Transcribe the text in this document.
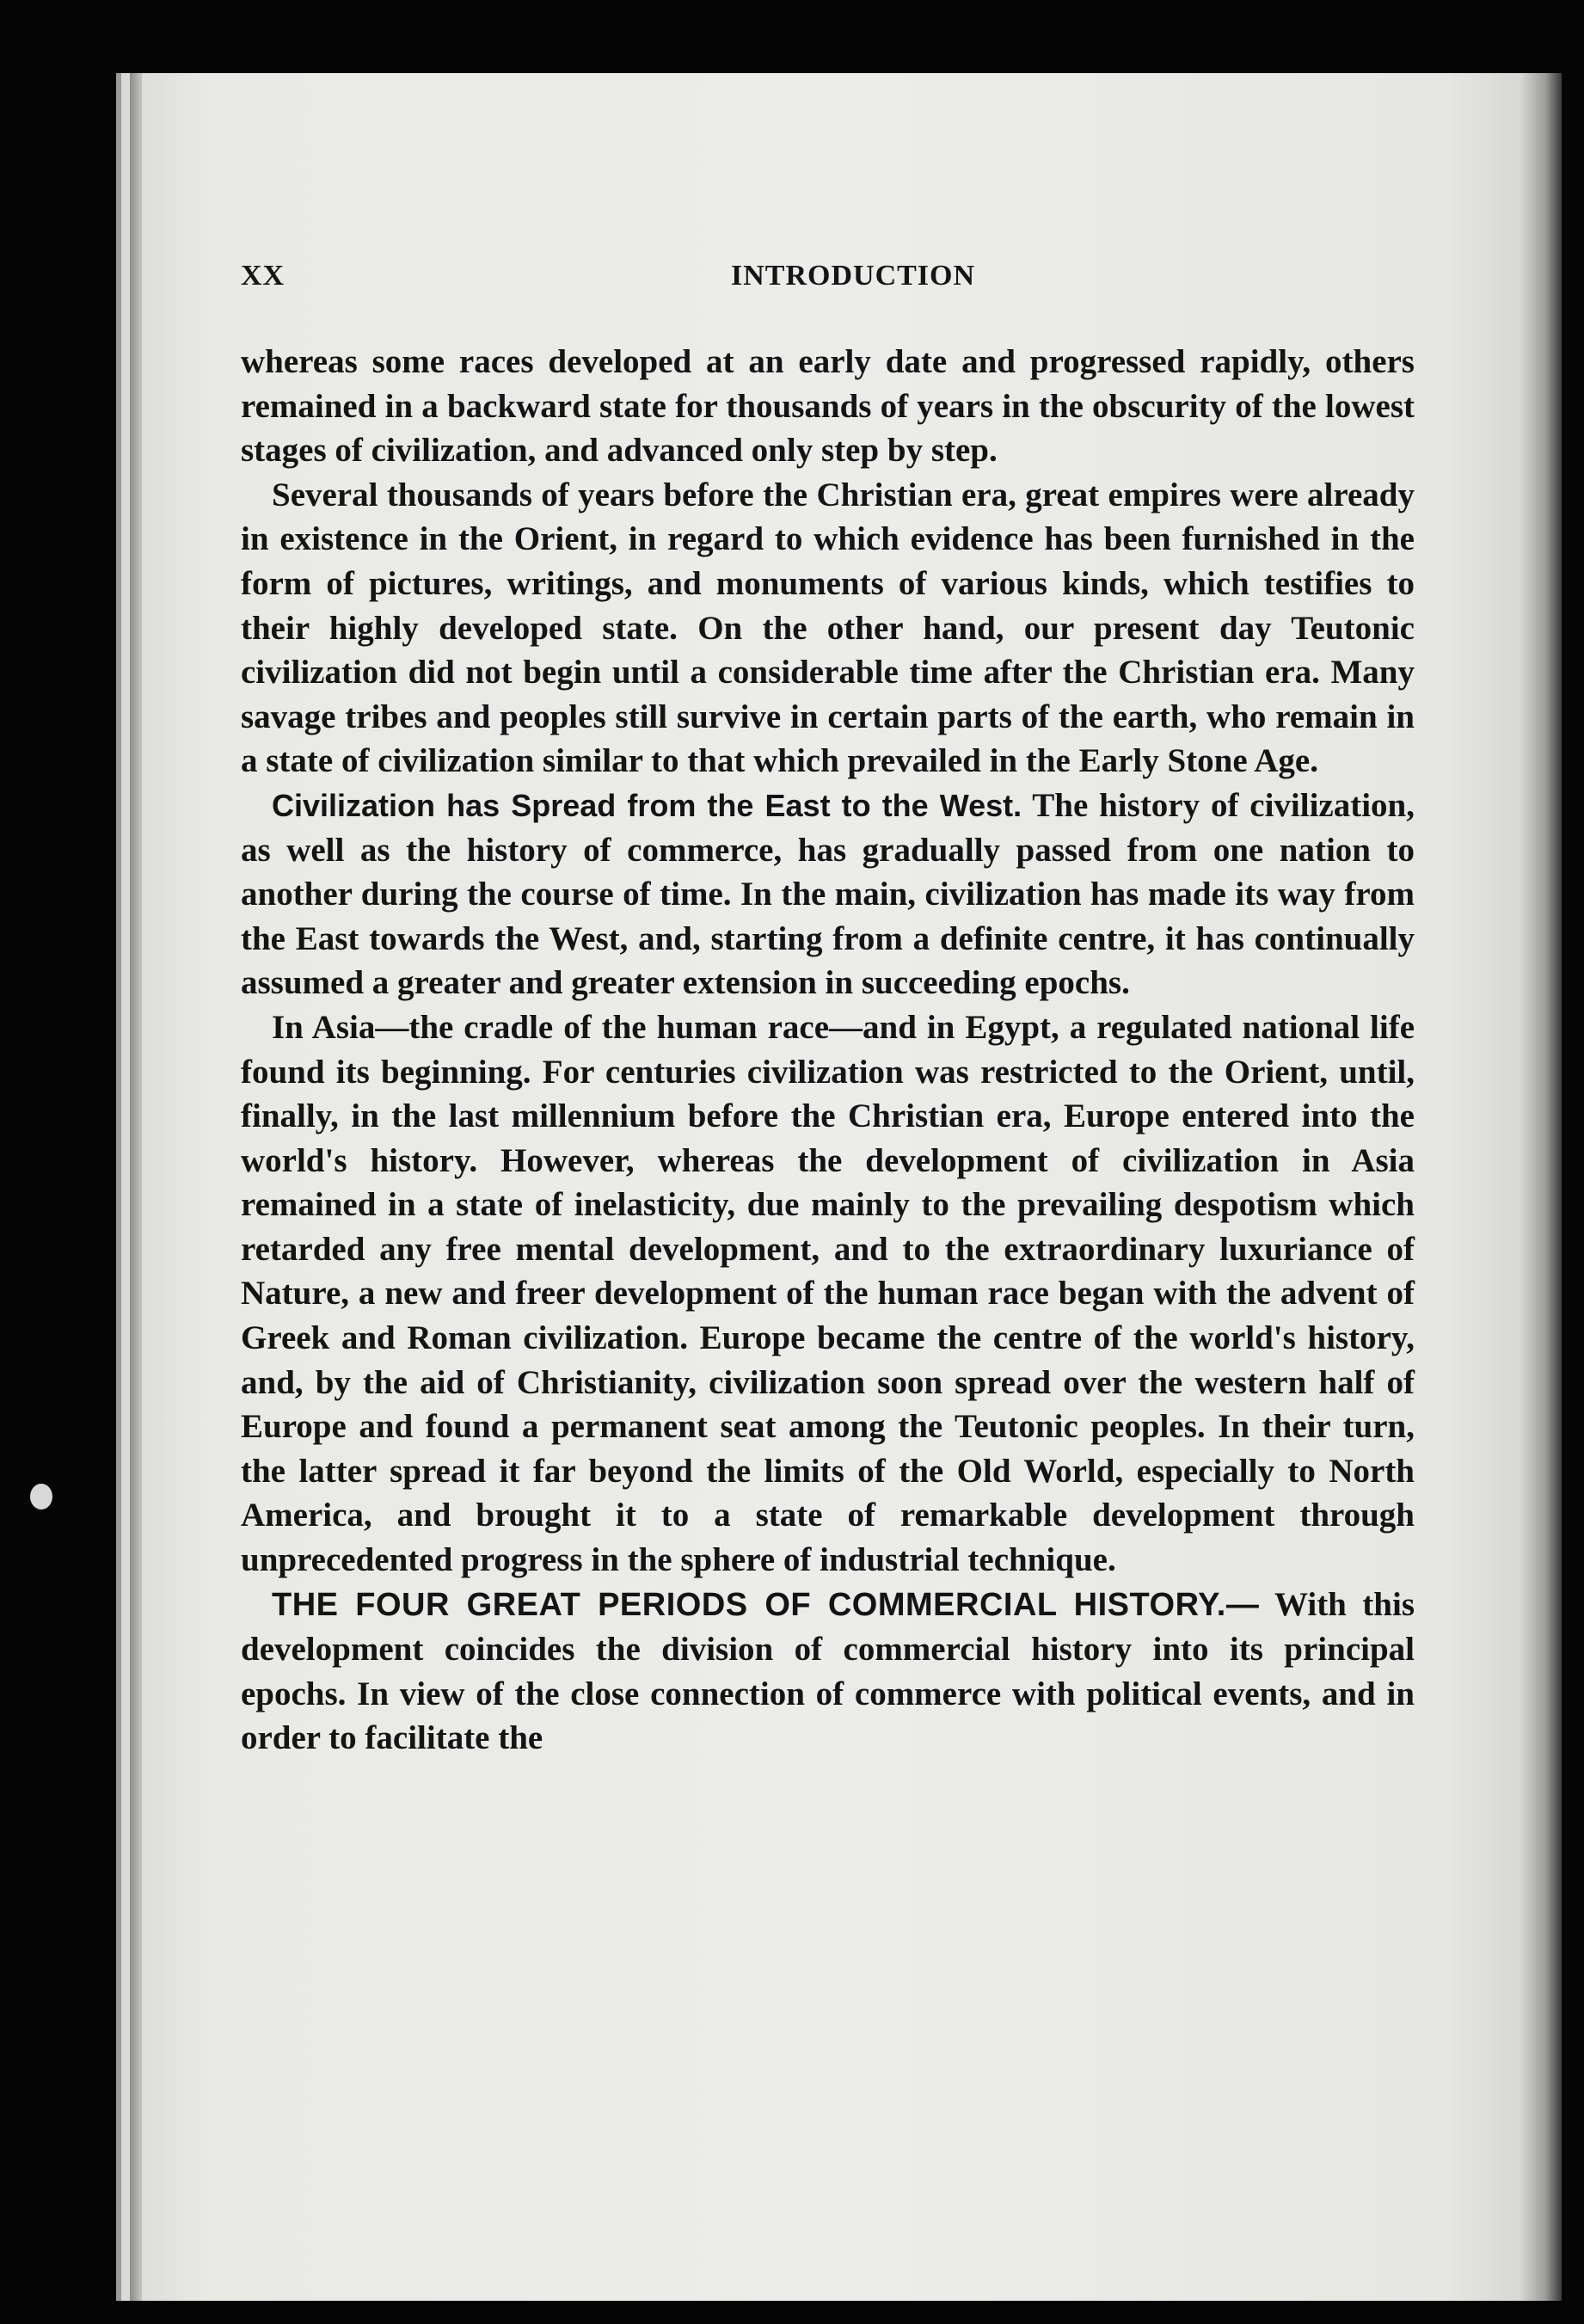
XX	INTRODUCTION

whereas some races developed at an early date and progressed rapidly, others remained in a backward state for thousands of years in the obscurity of the lowest stages of civilization, and advanced only step by step.

Several thousands of years before the Christian era, great empires were already in existence in the Orient, in regard to which evidence has been furnished in the form of pictures, writings, and monuments of various kinds, which testifies to their highly developed state. On the other hand, our present day Teutonic civilization did not begin until a considerable time after the Christian era. Many savage tribes and peoples still survive in certain parts of the earth, who remain in a state of civilization similar to that which prevailed in the Early Stone Age.

Civilization has Spread from the East to the West. The history of civilization, as well as the history of commerce, has gradually passed from one nation to another during the course of time. In the main, civilization has made its way from the East towards the West, and, starting from a definite centre, it has continually assumed a greater and greater extension in succeeding epochs.

In Asia—the cradle of the human race—and in Egypt, a regulated national life found its beginning. For centuries civilization was restricted to the Orient, until, finally, in the last millennium before the Christian era, Europe entered into the world's history. However, whereas the development of civilization in Asia remained in a state of inelasticity, due mainly to the prevailing despotism which retarded any free mental development, and to the extraordinary luxuriance of Nature, a new and freer development of the human race began with the advent of Greek and Roman civilization. Europe became the centre of the world's history, and, by the aid of Christianity, civilization soon spread over the western half of Europe and found a permanent seat among the Teutonic peoples. In their turn, the latter spread it far beyond the limits of the Old World, especially to North America, and brought it to a state of remarkable development through unprecedented progress in the sphere of industrial technique.

THE FOUR GREAT PERIODS OF COMMERCIAL HISTORY.— With this development coincides the division of commercial history into its principal epochs. In view of the close connection of commerce with political events, and in order to facilitate the
